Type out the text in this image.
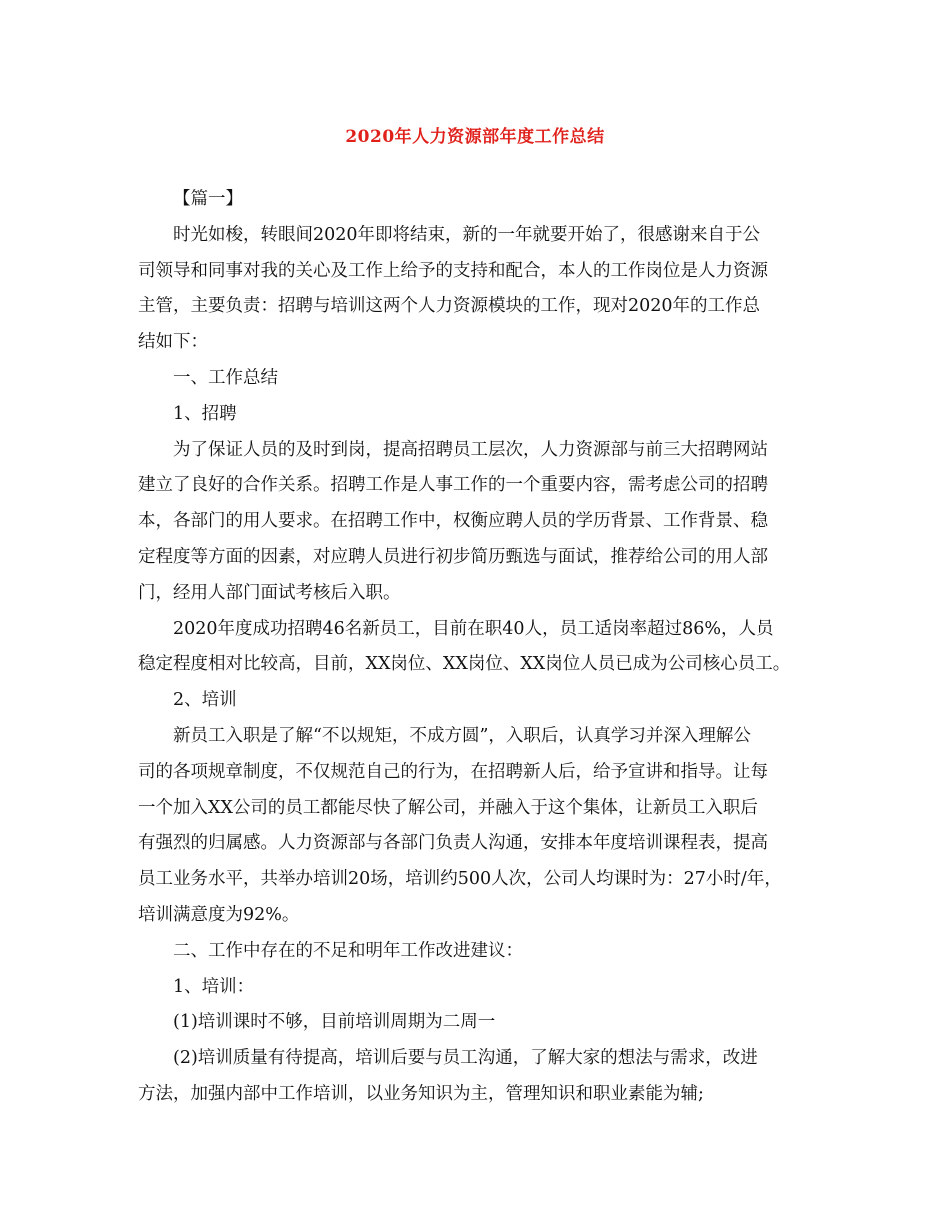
2020年人力资源部年度工作总结
【篇一】
时光如梭，转眼间2020年即将结束，新的一年就要开始了，很感谢来自于公
司领导和同事对我的关心及工作上给予的支持和配合，本人的工作岗位是人力资源
主管，主要负责：招聘与培训这两个人力资源模块的工作，现对2020年的工作总
结如下：
一、工作总结
1、招聘
为了保证人员的及时到岗，提高招聘员工层次，人力资源部与前三大招聘网站
建立了良好的合作关系。招聘工作是人事工作的一个重要内容，需考虑公司的招聘
本，各部门的用人要求。在招聘工作中，权衡应聘人员的学历背景、工作背景、稳
定程度等方面的因素，对应聘人员进行初步简历甄选与面试，推荐给公司的用人部
门，经用人部门面试考核后入职。
2020年度成功招聘46名新员工，目前在职40人，员工适岗率超过86%，人员
稳定程度相对比较高，目前，XX岗位、XX岗位、XX岗位人员已成为公司核心员工。
2、培训
新员工入职是了解“不以规矩，不成方圆”，入职后，认真学习并深入理解公
司的各项规章制度，不仅规范自己的行为，在招聘新人后，给予宣讲和指导。让每
一个加入XX公司的员工都能尽快了解公司，并融入于这个集体，让新员工入职后
有强烈的归属感。人力资源部与各部门负责人沟通，安排本年度培训课程表，提高
员工业务水平，共举办培训20场，培训约500人次，公司人均课时为：27小时/年，
培训满意度为92%。
二、工作中存在的不足和明年工作改进建议：
1、培训：
(1)培训课时不够，目前培训周期为二周一
(2)培训质量有待提高，培训后要与员工沟通，了解大家的想法与需求，改进
方法，加强内部中工作培训，以业务知识为主，管理知识和职业素能为辅;
